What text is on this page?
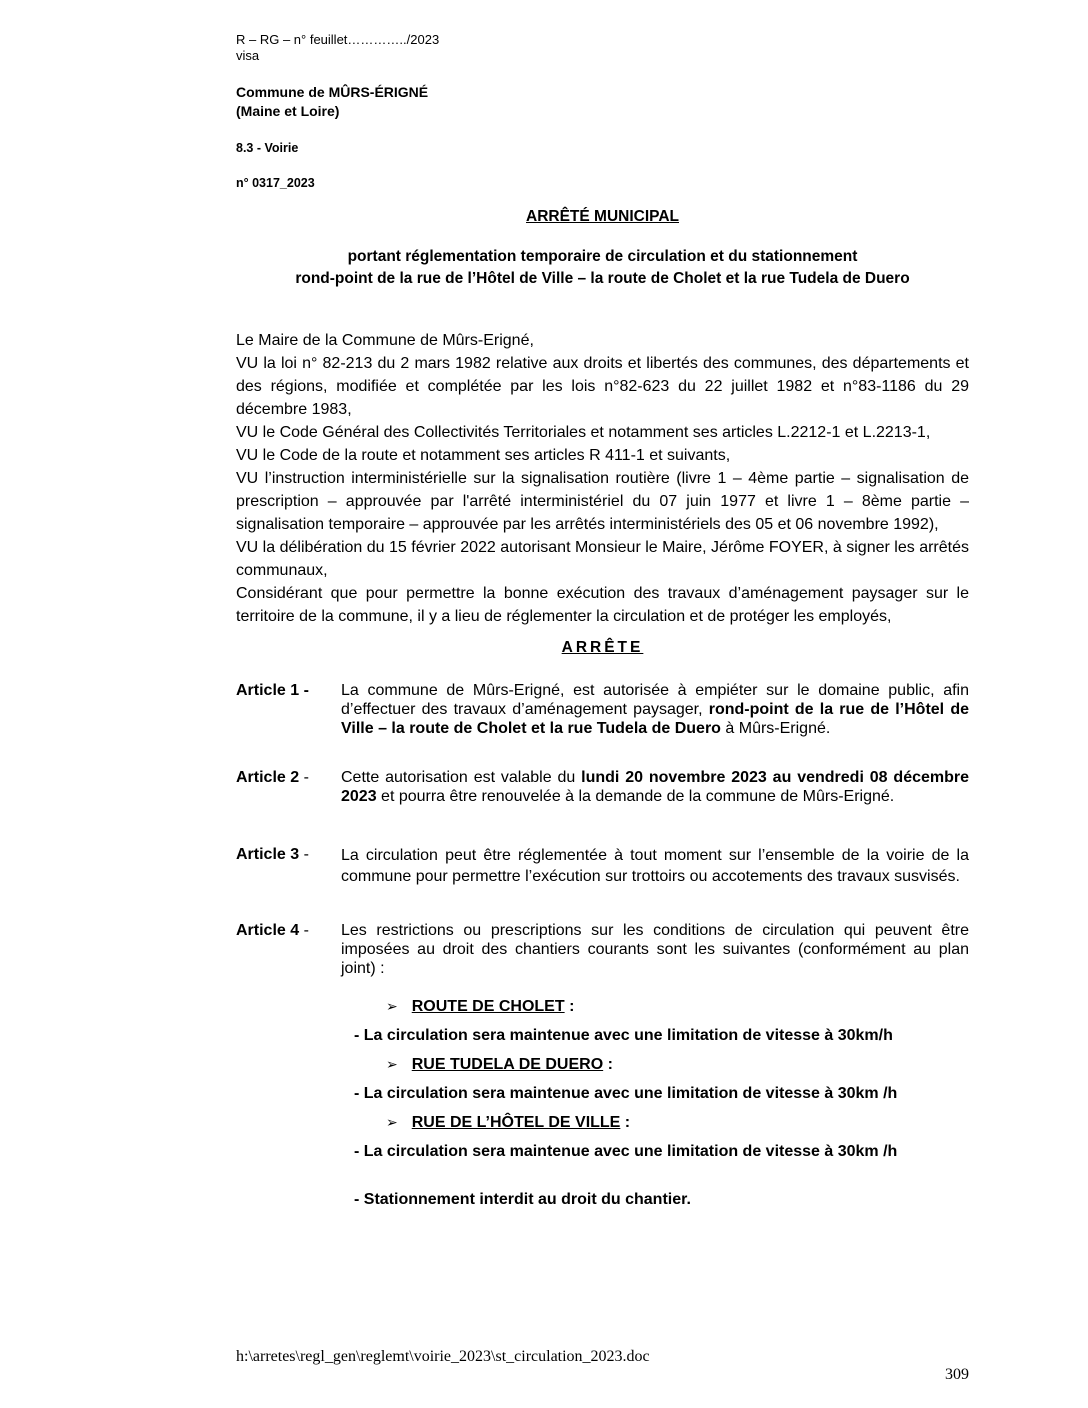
R – RG – n° feuillet…………../2023
visa
Commune de MÛRS-ÉRIGNÉ
(Maine et Loire)
8.3 - Voirie
n° 0317_2023
ARRÊTÉ MUNICIPAL
portant réglementation temporaire de circulation et du stationnement
rond-point de la rue de l’Hôtel de Ville – la route de Cholet et la rue Tudela de Duero
Le Maire de la Commune de Mûrs-Erigné,
VU la loi n° 82-213 du 2 mars 1982 relative aux droits et libertés des communes, des départements et des régions, modifiée et complétée par les lois n°82-623 du 22 juillet 1982 et n°83-1186 du 29 décembre 1983,
VU le Code Général des Collectivités Territoriales et notamment ses articles L.2212-1 et L.2213-1,
VU le Code de la route et notamment ses articles R 411-1 et suivants,
VU l’instruction interministérielle sur la signalisation routière (livre 1 – 4ème partie – signalisation de prescription – approuvée par l'arrêté interministériel du 07 juin 1977 et livre 1 – 8ème partie – signalisation temporaire – approuvée par les arrêtés interministériels des 05 et 06 novembre 1992),
VU la délibération du 15 février 2022 autorisant Monsieur le Maire, Jérôme FOYER, à signer les arrêtés communaux,
Considérant que pour permettre la bonne exécution des travaux d’aménagement paysager sur le territoire de la commune, il y a lieu de réglementer la circulation et de protéger les employés,
ARRÊTE
Article 1 - La commune de Mûrs-Erigné, est autorisée à empiéter sur le domaine public, afin d’effectuer des travaux d’aménagement paysager, rond-point de la rue de l’Hôtel de Ville – la route de Cholet et la rue Tudela de Duero à Mûrs-Erigné.
Article 2 - Cette autorisation est valable du lundi 20 novembre 2023 au vendredi 08 décembre 2023 et pourra être renouvelée à la demande de la commune de Mûrs-Erigné.
Article 3 - La circulation peut être réglementée à tout moment sur l’ensemble de la voirie de la commune pour permettre l’exécution sur trottoirs ou accotements des travaux susvisés.
Article 4 - Les restrictions ou prescriptions sur les conditions de circulation qui peuvent être imposées au droit des chantiers courants sont les suivantes (conformément au plan joint) :
➢ ROUTE DE CHOLET :
- La circulation sera maintenue avec une limitation de vitesse à 30km/h
➢ RUE TUDELA DE DUERO :
- La circulation sera maintenue avec une limitation de vitesse à 30km /h
➢ RUE DE L’HÔTEL DE VILLE :
- La circulation sera maintenue avec une limitation de vitesse à 30km /h
- Stationnement interdit au droit du chantier.
h:\arretes\regl_gen\reglemt\voirie_2023\st_circulation_2023.doc
309
